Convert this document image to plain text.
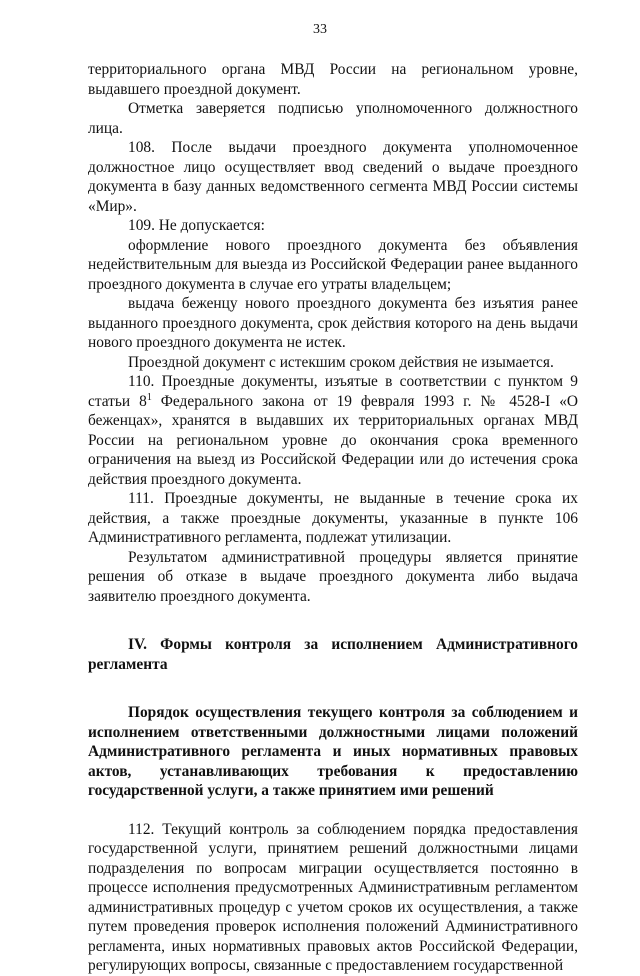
33

территориального органа МВД России на региональном уровне, выдавшего проездной документ.

Отметка заверяется подписью уполномоченного должностного лица.

108. После выдачи проездного документа уполномоченное должностное лицо осуществляет ввод сведений о выдаче проездного документа в базу данных ведомственного сегмента МВД России системы «Мир».

109. Не допускается:

оформление нового проездного документа без объявления недействительным для выезда из Российской Федерации ранее выданного проездного документа в случае его утраты владельцем;

выдача беженцу нового проездного документа без изъятия ранее выданного проездного документа, срок действия которого на день выдачи нового проездного документа не истек.

Проездной документ с истекшим сроком действия не изымается.

110. Проездные документы, изъятые в соответствии с пунктом 9 статьи $8^1$ Федерального закона от 19 февраля 1993 г. № 4528-I «О беженцах», хранятся в выдавших их территориальных органах МВД России на региональном уровне до окончания срока временного ограничения на выезд из Российской Федерации или до истечения срока действия проездного документа.

111. Проездные документы, не выданные в течение срока их действия, а также проездные документы, указанные в пункте 106 Административного регламента, подлежат утилизации.

Результатом административной процедуры является принятие решения об отказе в выдаче проездного документа либо выдача заявителю проездного документа.

IV. Формы контроля за исполнением Административного регламента

Порядок осуществления текущего контроля за соблюдением и исполнением ответственными должностными лицами положений Административного регламента и иных нормативных правовых актов, устанавливающих требования к предоставлению государственной услуги, а также принятием ими решений

112. Текущий контроль за соблюдением порядка предоставления государственной услуги, принятием решений должностными лицами подразделения по вопросам миграции осуществляется постоянно в процессе исполнения предусмотренных Административным регламентом административных процедур с учетом сроков их осуществления, а также путем проведения проверок исполнения положений Административного регламента, иных нормативных правовых актов Российской Федерации, регулирующих вопросы, связанные с предоставлением государственной
